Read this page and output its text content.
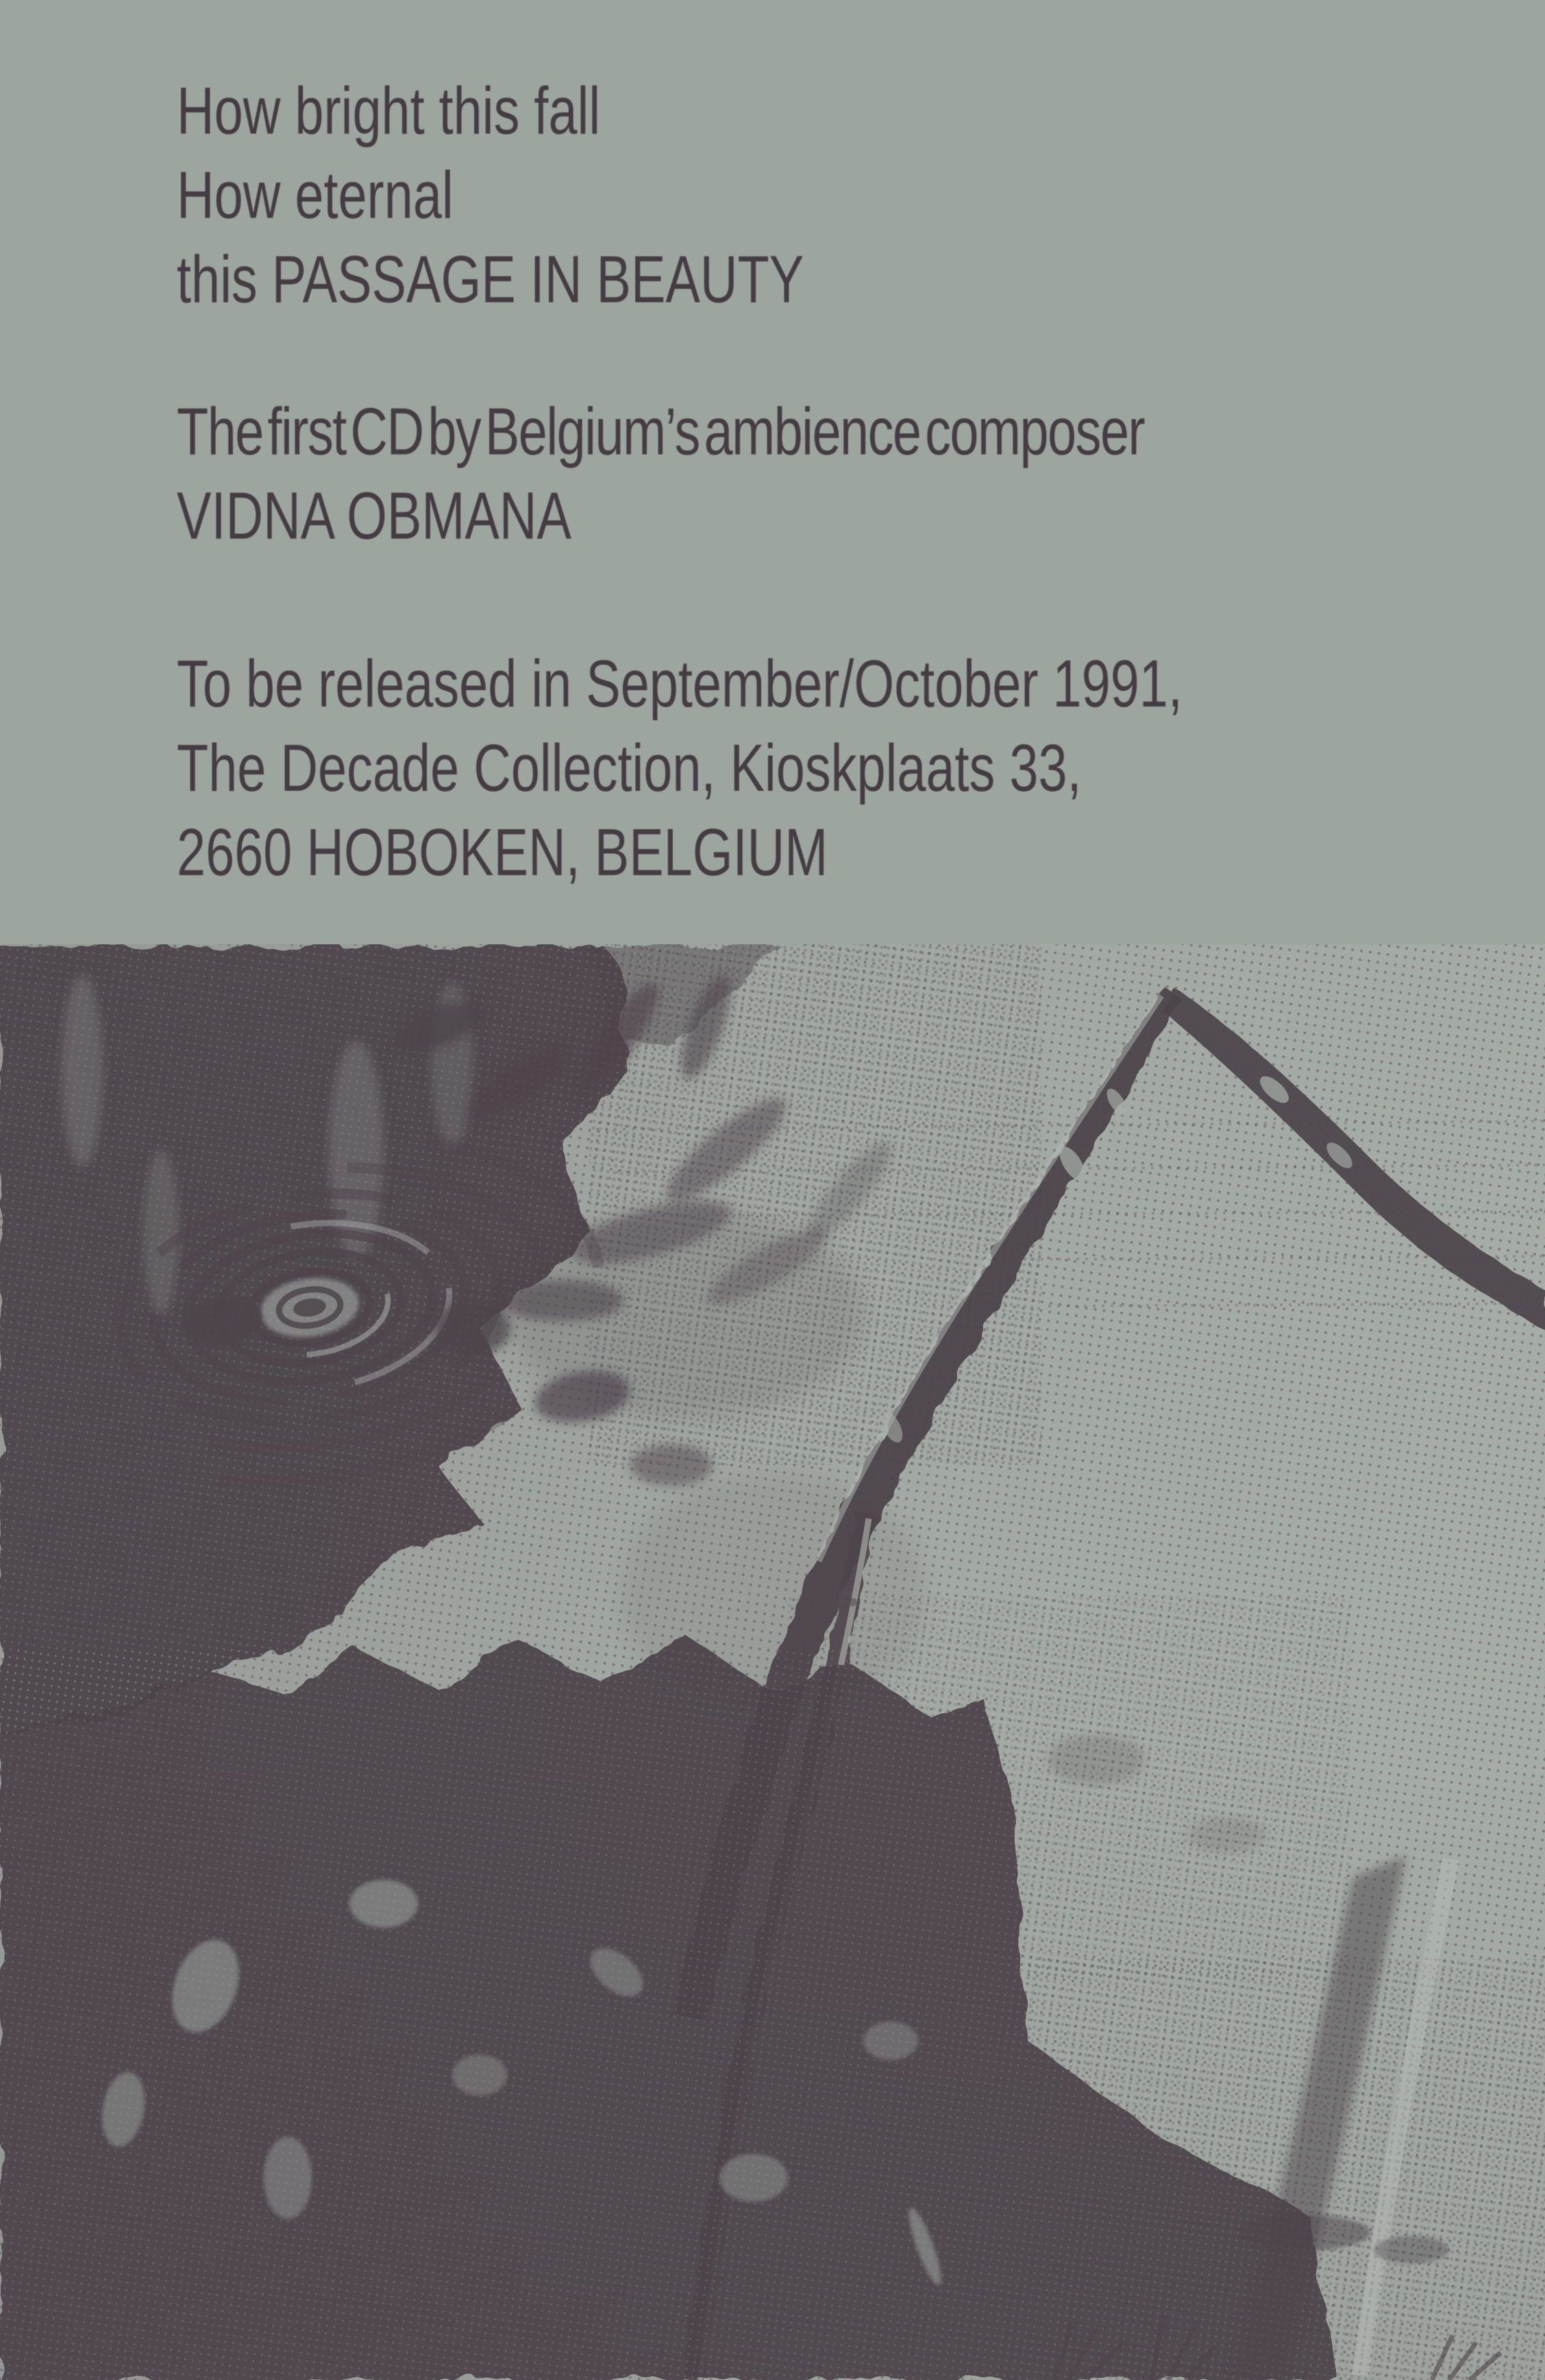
How bright this fall
How eternal
this PASSAGE IN BEAUTY
The first CD by Belgium’s ambience composer
VIDNA OBMANA
To be released in September/October 1991,
The Decade Collection, Kioskplaats 33,
2660 HOBOKEN, BELGIUM
